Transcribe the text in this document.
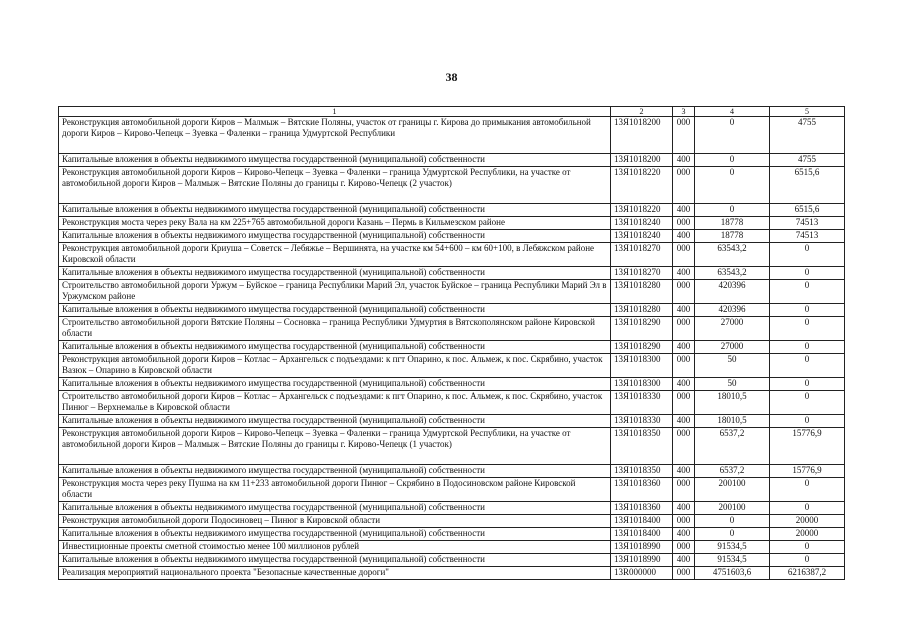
38
1	2	3	4	5
Реконструкция автомобильной дороги Киров – Малмыж – Вятские Поляны, участок от границы г. Кирова до примыкания автомобильной дороги Киров – Кирово-Чепецк – Зуевка – Фаленки – граница Удмуртской Республики	13Я1018200	000	0	4755
Капитальные вложения в объекты недвижимого имущества государственной (муниципальной) собственности	13Я1018200	400	0	4755
Реконструкция автомобильной дороги Киров – Кирово-Чепецк – Зуевка – Фаленки – граница Удмуртской Республики, на участке от автомобильной дороги Киров – Малмыж – Вятские Поляны до границы г. Кирово-Чепецк (2 участок)	13Я1018220	000	0	6515,6
Капитальные вложения в объекты недвижимого имущества государственной (муниципальной) собственности	13Я1018220	400	0	6515,6
Реконструкция моста через реку Вала на км 225+765 автомобильной дороги Казань – Пермь в Кильмезском районе	13Я1018240	000	18778	74513
Капитальные вложения в объекты недвижимого имущества государственной (муниципальной) собственности	13Я1018240	400	18778	74513
Реконструкция автомобильной дороги Криуша – Советск – Лебяжье – Вершинята, на участке км 54+600 – км 60+100, в Лебяжском районе Кировской области	13Я1018270	000	63543,2	0
Капитальные вложения в объекты недвижимого имущества государственной (муниципальной) собственности	13Я1018270	400	63543,2	0
Строительство автомобильной дороги Уржум – Буйское – граница Республики Марий Эл, участок Буйское – граница Республики Марий Эл в Уржумском районе	13Я1018280	000	420396	0
Капитальные вложения в объекты недвижимого имущества государственной (муниципальной) собственности	13Я1018280	400	420396	0
Строительство автомобильной дороги Вятские Поляны – Сосновка – граница Республики Удмуртия в Вятскополянском районе Кировской области	13Я1018290	000	27000	0
Капитальные вложения в объекты недвижимого имущества государственной (муниципальной) собственности	13Я1018290	400	27000	0
Реконструкция автомобильной дороги Киров – Котлас – Архангельск с подъездами: к пгт Опарино, к пос. Альмеж, к пос. Скрябино, участок Вазюк – Опарино в Кировской области	13Я1018300	000	50	0
Капитальные вложения в объекты недвижимого имущества государственной (муниципальной) собственности	13Я1018300	400	50	0
Строительство автомобильной дороги Киров – Котлас – Архангельск с подъездами: к пгт Опарино, к пос. Альмеж, к пос. Скрябино, участок Пинюг – Верхнемалье в Кировской области	13Я1018330	000	18010,5	0
Капитальные вложения в объекты недвижимого имущества государственной (муниципальной) собственности	13Я1018330	400	18010,5	0
Реконструкция автомобильной дороги Киров – Кирово-Чепецк – Зуевка – Фаленки – граница Удмуртской Республики, на участке от автомобильной дороги Киров – Малмыж – Вятские Поляны до границы г. Кирово-Чепецк (1 участок)	13Я1018350	000	6537,2	15776,9
Капитальные вложения в объекты недвижимого имущества государственной (муниципальной) собственности	13Я1018350	400	6537,2	15776,9
Реконструкция моста через реку Пушма на км 11+233 автомобильной дороги Пинюг – Скрябино в Подосиновском районе Кировской области	13Я1018360	000	200100	0
Капитальные вложения в объекты недвижимого имущества государственной (муниципальной) собственности	13Я1018360	400	200100	0
Реконструкция автомобильной дороги Подосиновец – Пинюг в Кировской области	13Я1018400	000	0	20000
Капитальные вложения в объекты недвижимого имущества государственной (муниципальной) собственности	13Я1018400	400	0	20000
Инвестиционные проекты сметной стоимостью менее 100 миллионов рублей	13Я1018990	000	91534,5	0
Капитальные вложения в объекты недвижимого имущества государственной (муниципальной) собственности	13Я1018990	400	91534,5	0
Реализация мероприятий национального проекта "Безопасные качественные дороги"	13R000000	000	4751603,6	6216387,2
